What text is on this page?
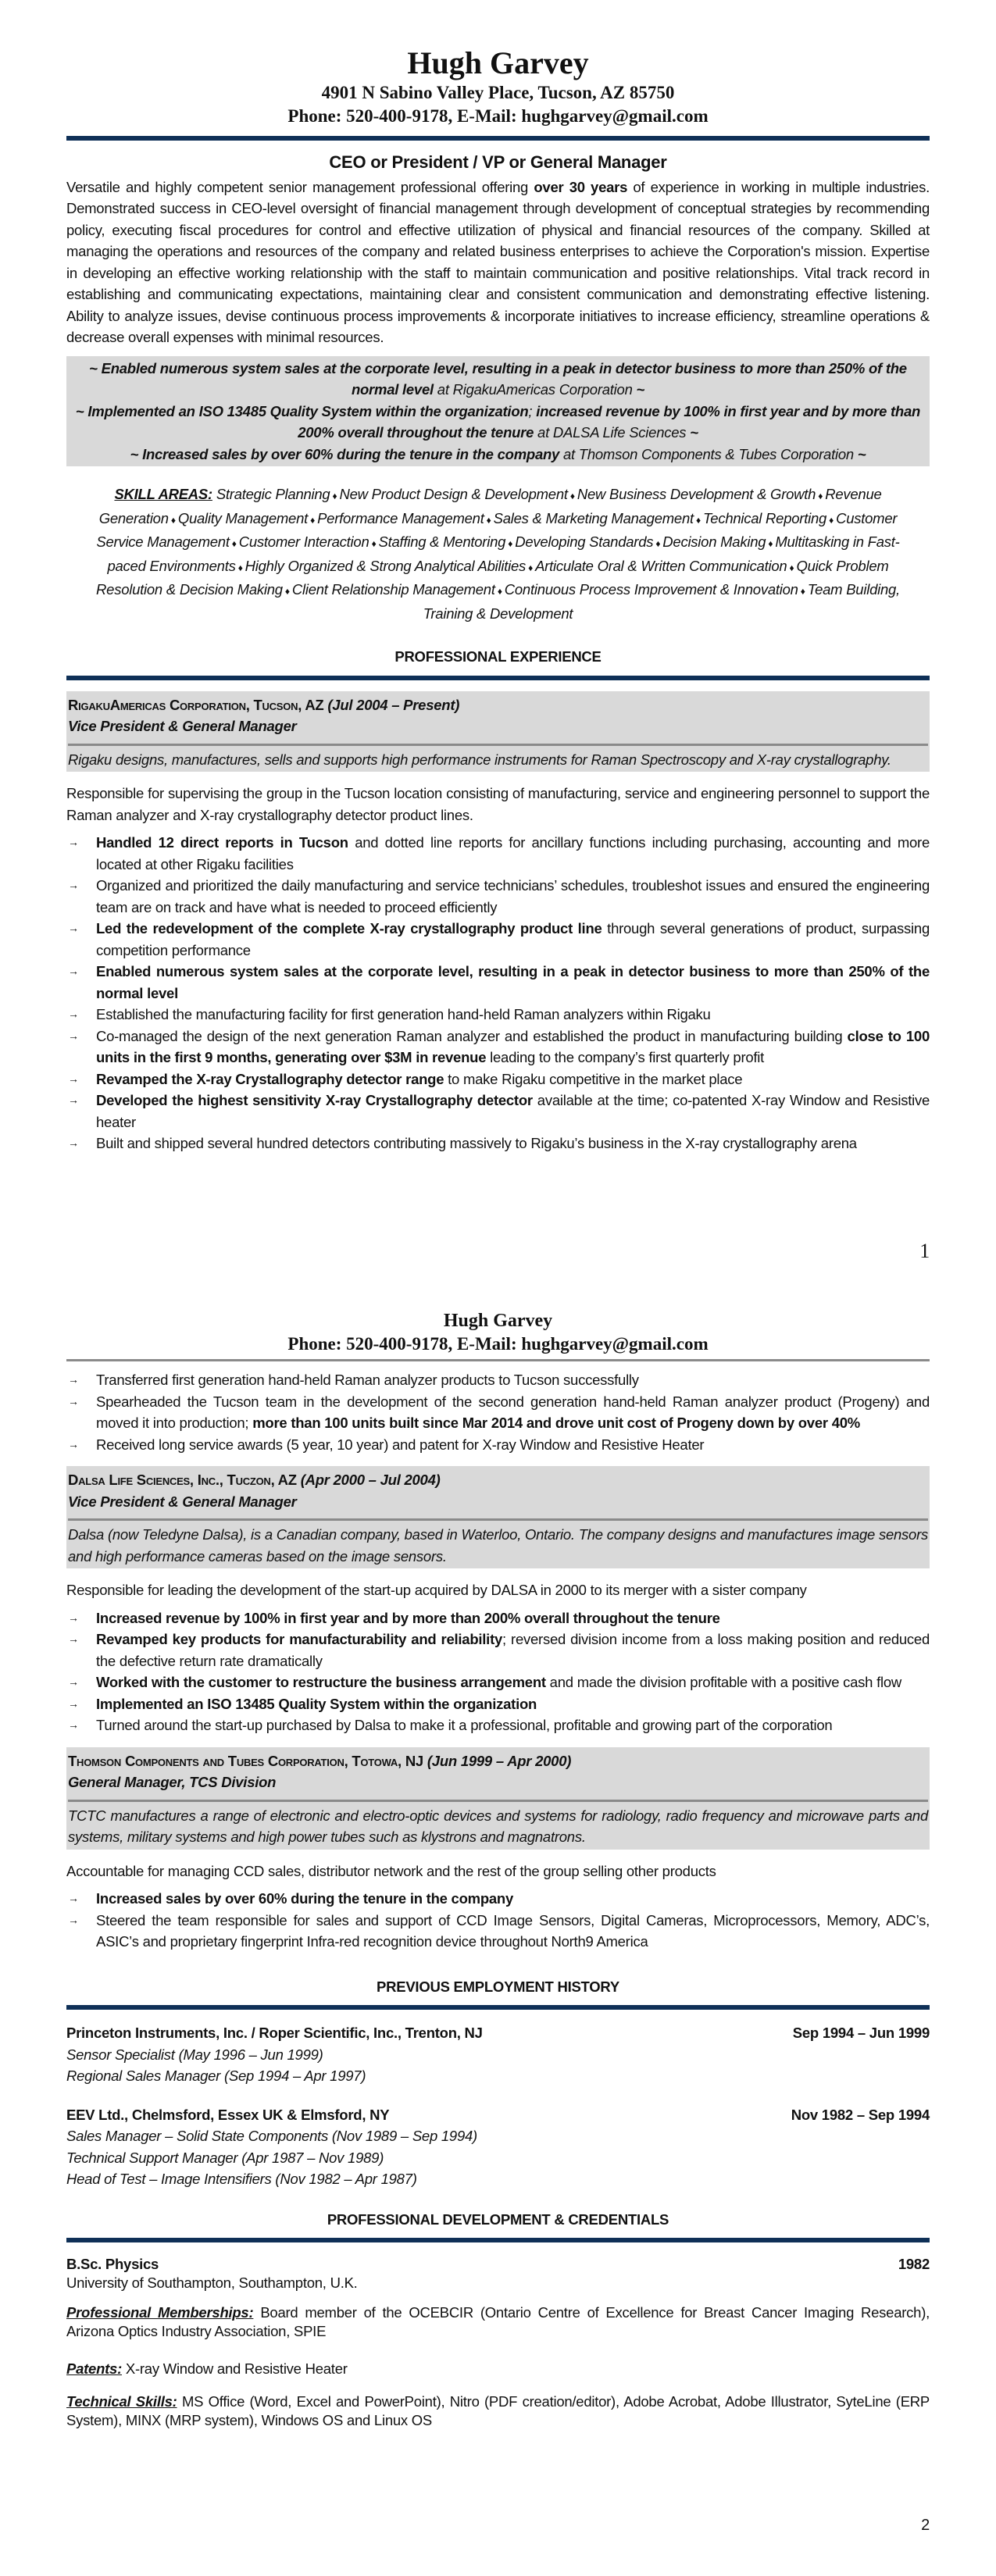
Hugh Garvey
4901 N Sabino Valley Place, Tucson, AZ 85750
Phone: 520-400-9178, E-Mail: hughgarvey@gmail.com
CEO or President / VP or General Manager

Versatile and highly competent senior management professional offering over 30 years of experience in working in multiple industries. Demonstrated success in CEO-level oversight of financial management through development of conceptual strategies by recommending policy, executing fiscal procedures for control and effective utilization of physical and financial resources of the company. Skilled at managing the operations and resources of the company and related business enterprises to achieve the Corporation's mission. Expertise in developing an effective working relationship with the staff to maintain communication and positive relationships. Vital track record in establishing and communicating expectations, maintaining clear and consistent communication and demonstrating effective listening. Ability to analyze issues, devise continuous process improvements & incorporate initiatives to increase efficiency, streamline operations & decrease overall expenses with minimal resources.

~ Enabled numerous system sales at the corporate level, resulting in a peak in detector business to more than 250% of the normal level at RigakuAmericas Corporation ~
~ Implemented an ISO 13485 Quality System within the organization; increased revenue by 100% in first year and by more than 200% overall throughout the tenure at DALSA Life Sciences ~
~ Increased sales by over 60% during the tenure in the company at Thomson Components & Tubes Corporation ~
SKILL AREAS: Strategic Planning ♦ New Product Design & Development ♦ New Business Development & Growth ♦ Revenue Generation ♦ Quality Management ♦ Performance Management ♦ Sales & Marketing Management ♦ Technical Reporting ♦ Customer Service Management ♦ Customer Interaction ♦ Staffing & Mentoring ♦ Developing Standards ♦ Decision Making ♦ Multitasking in Fast-paced Environments ♦ Highly Organized & Strong Analytical Abilities ♦ Articulate Oral & Written Communication ♦ Quick Problem Resolution & Decision Making ♦ Client Relationship Management ♦ Continuous Process Improvement & Innovation ♦ Team Building, Training & Development
PROFESSIONAL EXPERIENCE
RigakuAmericas Corporation, Tucson, AZ (Jul 2004 – Present)
Vice President & General Manager
Rigaku designs, manufactures, sells and supports high performance instruments for Raman Spectroscopy and X-ray crystallography.

Responsible for supervising the group in the Tucson location consisting of manufacturing, service and engineering personnel to support the Raman analyzer and X-ray crystallography detector product lines.

→ Handled 12 direct reports in Tucson and dotted line reports for ancillary functions including purchasing, accounting and more located at other Rigaku facilities
→ Organized and prioritized the daily manufacturing and service technicians’ schedules, troubleshot issues and ensured the engineering team are on track and have what is needed to proceed efficiently
→ Led the redevelopment of the complete X-ray crystallography product line through several generations of product, surpassing competition performance
→ Enabled numerous system sales at the corporate level, resulting in a peak in detector business to more than 250% of the normal level
→ Established the manufacturing facility for first generation hand-held Raman analyzers within Rigaku
→ Co-managed the design of the next generation Raman analyzer and established the product in manufacturing building close to 100 units in the first 9 months, generating over $3M in revenue leading to the company’s first quarterly profit
→ Revamped the X-ray Crystallography detector range to make Rigaku competitive in the market place
→ Developed the highest sensitivity X-ray Crystallography detector available at the time; co-patented X-ray Window and Resistive heater
→ Built and shipped several hundred detectors contributing massively to Rigaku’s business in the X-ray crystallography arena
1
Hugh Garvey
Phone: 520-400-9178, E-Mail: hughgarvey@gmail.com
→ Transferred first generation hand-held Raman analyzer products to Tucson successfully
→ Spearheaded the Tucson team in the development of the second generation hand-held Raman analyzer product (Progeny) and moved it into production; more than 100 units built since Mar 2014 and drove unit cost of Progeny down by over 40%
→ Received long service awards (5 year, 10 year) and patent for X-ray Window and Resistive Heater
Dalsa Life Sciences, Inc., Tuczon, AZ (Apr 2000 – Jul 2004)
Vice President & General Manager
Dalsa (now Teledyne Dalsa), is a Canadian company, based in Waterloo, Ontario. The company designs and manufactures image sensors and high performance cameras based on the image sensors.

Responsible for leading the development of the start-up acquired by DALSA in 2000 to its merger with a sister company

→ Increased revenue by 100% in first year and by more than 200% overall throughout the tenure
→ Revamped key products for manufacturability and reliability; reversed division income from a loss making position and reduced the defective return rate dramatically
→ Worked with the customer to restructure the business arrangement and made the division profitable with a positive cash flow
→ Implemented an ISO 13485 Quality System within the organization
→ Turned around the start-up purchased by Dalsa to make it a professional, profitable and growing part of the corporation
Thomson Components and Tubes Corporation, Totowa, NJ (Jun 1999 – Apr 2000)
General Manager, TCS Division
TCTC manufactures a range of electronic and electro-optic devices and systems for radiology, radio frequency and microwave parts and systems, military systems and high power tubes such as klystrons and magnatrons.

Accountable for managing CCD sales, distributor network and the rest of the group selling other products

→ Increased sales by over 60% during the tenure in the company
→ Steered the team responsible for sales and support of CCD Image Sensors, Digital Cameras, Microprocessors, Memory, ADC’s, ASIC’s and proprietary fingerprint Infra-red recognition device throughout North9 America
PREVIOUS EMPLOYMENT HISTORY
Princeton Instruments, Inc. / Roper Scientific, Inc., Trenton, NJ	Sep 1994 – Jun 1999
Sensor Specialist (May 1996 – Jun 1999)
Regional Sales Manager (Sep 1994 – Apr 1997)
EEV Ltd., Chelmsford, Essex UK & Elmsford, NY	Nov 1982 – Sep 1994
Sales Manager – Solid State Components (Nov 1989 – Sep 1994)
Technical Support Manager (Apr 1987 – Nov 1989)
Head of Test – Image Intensifiers (Nov 1982 – Apr 1987)
PROFESSIONAL DEVELOPMENT & CREDENTIALS
B.Sc. Physics	1982
University of Southampton, Southampton, U.K.

Professional Memberships: Board member of the OCEBCIR (Ontario Centre of Excellence for Breast Cancer Imaging Research), Arizona Optics Industry Association, SPIE

Patents: X-ray Window and Resistive Heater

Technical Skills: MS Office (Word, Excel and PowerPoint), Nitro (PDF creation/editor), Adobe Acrobat, Adobe Illustrator, SyteLine (ERP System), MINX (MRP system), Windows OS and Linux OS

2
